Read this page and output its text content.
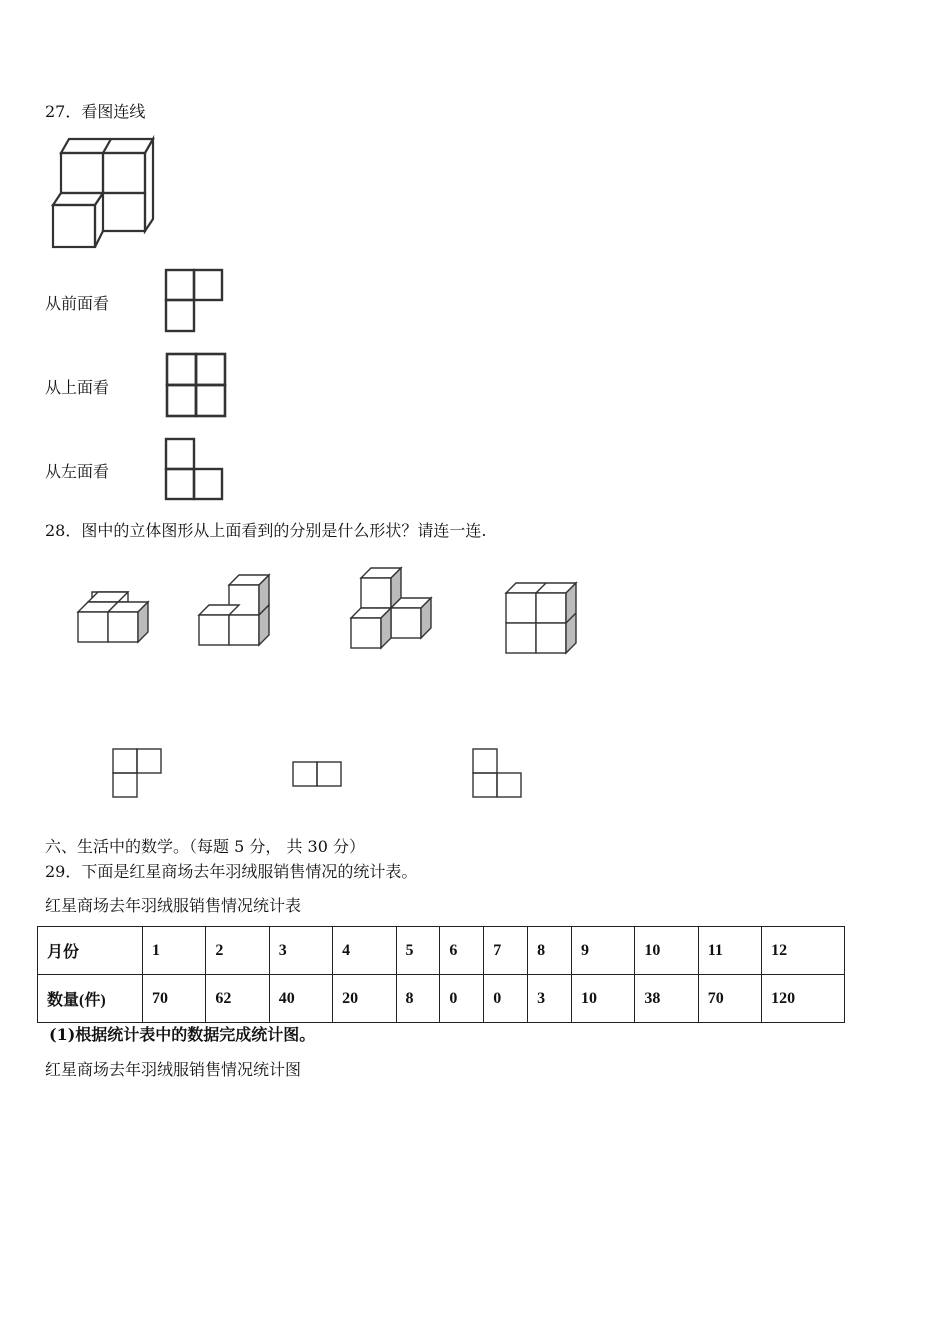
27．看图连线
从前面看
从上面看
从左面看
28．图中的立体图形从上面看到的分别是什么形状？请连一连.
六、生活中的数学。（每题 5 分， 共 30 分）
29．下面是红星商场去年羽绒服销售情况的统计表。
红星商场去年羽绒服销售情况统计表
月份	1	2	3	4	5	6	7	8	9	10	11	12
数量(件)	70	62	40	20	8	0	0	3	10	38	70	120
(1)根据统计表中的数据完成统计图。
红星商场去年羽绒服销售情况统计图
